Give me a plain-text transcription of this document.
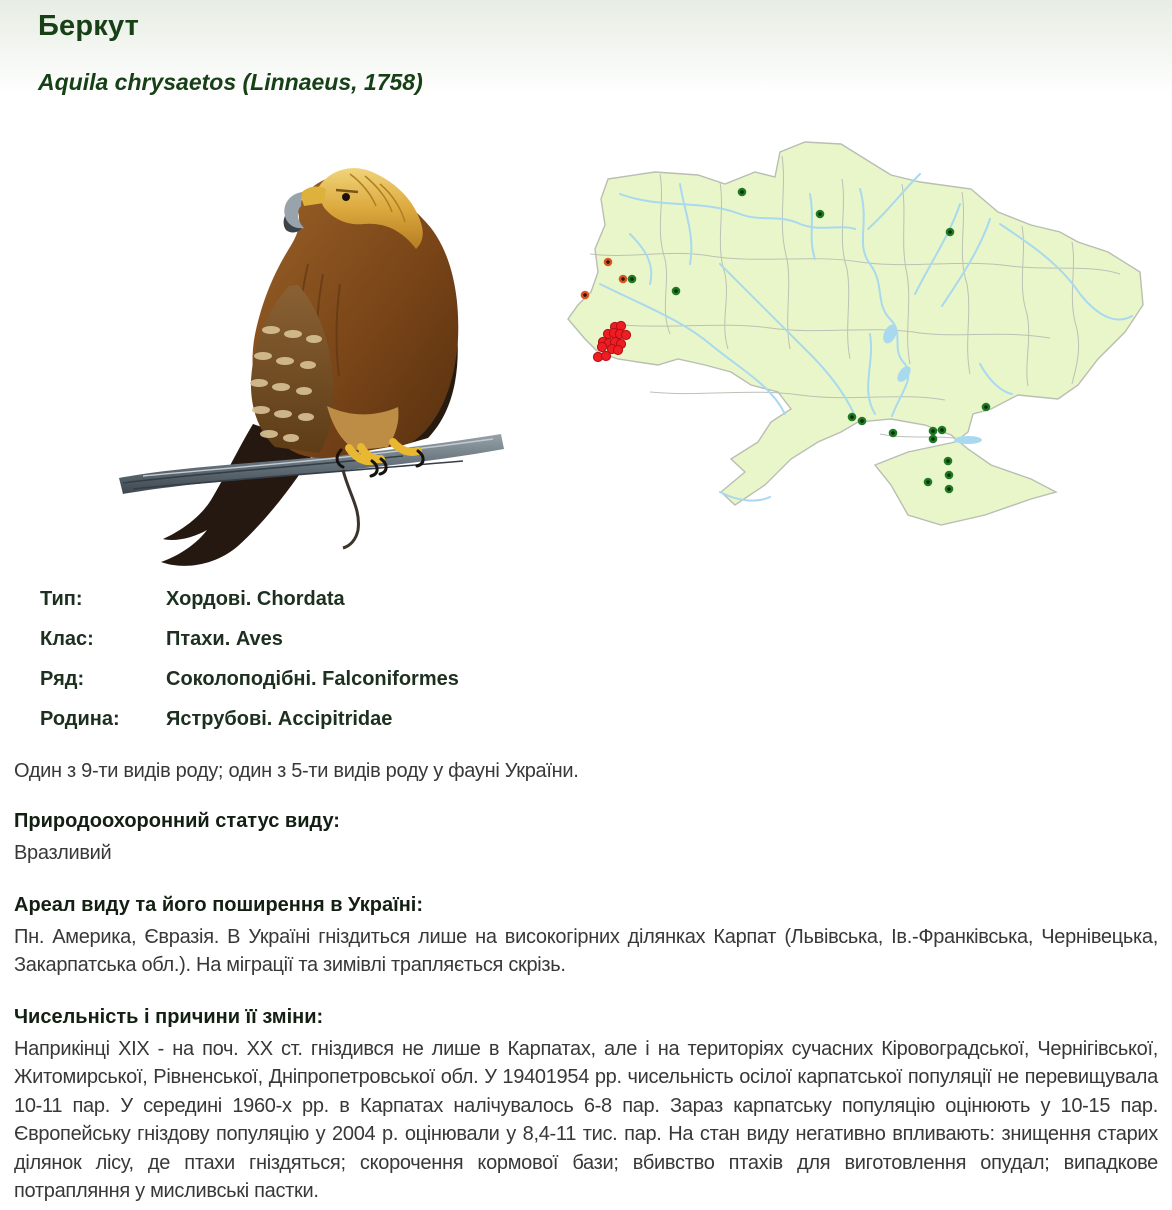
Беркут
Aquila chrysaetos (Linnaeus, 1758)
Тип:	Хордові. Chordata
Клас:	Птахи. Aves
Ряд:	Соколоподібні. Falconiformes
Родина:	Яструбові. Accipitridae
Один з 9-ти видів роду; один з 5-ти видів роду у фауні України.
Природоохоронний статус виду:
Вразливий
Ареал виду та його поширення в Україні:
Пн. Америка, Євразія. В Україні гніздиться лише на високогірних ділянках Карпат (Львівська, Ів.-Франківська, Чернівецька, Закарпатська обл.). На міграції та зимівлі трапляється скрізь.
Чисельність і причини її зміни:
Наприкінці XIX - на поч. XX ст. гніздився не лише в Карпатах, але і на територіях сучасних Кіровоградської, Чернігівської, Житомирської, Рівненської, Дніпропетровської обл. У 19401954 рр. чисельність осілої карпатської популяції не перевищувала 10-11 пар. У середині 1960-х рр. в Карпатах налічувалось 6-8 пар. Зараз карпатську популяцію оцінюють у 10-15 пар. Європейську гніздову популяцію у 2004 р. оцінювали у 8,4-11 тис. пар. На стан виду негативно впливають: знищення старих ділянок лісу, де птахи гніздяться; скорочення кормової бази; вбивство птахів для виготовлення опудал; випадкове потрапляння у мисливські пастки.
